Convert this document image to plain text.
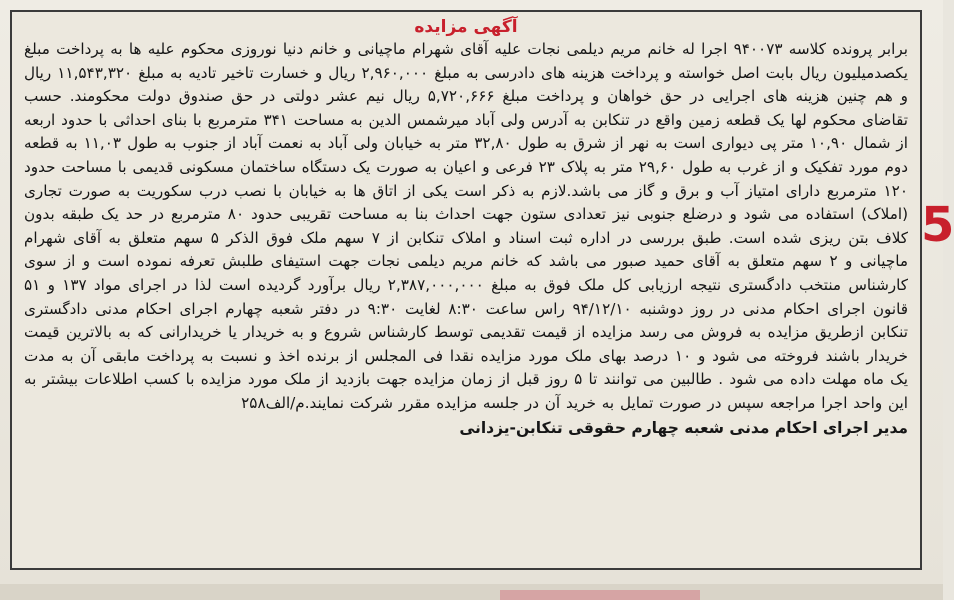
آگهی مزایده

برابر پرونده کلاسه ۹۴۰۰۷۳ اجرا له خانم مریم دیلمی نجات علیه آقای شهرام ماچیانی و خانم دنیا نوروزی محکوم علیه ها به پرداخت مبلغ یکصدمیلیون ریال بابت اصل خواسته و پرداخت هزینه های دادرسی به مبلغ ۲,۹۶۰,۰۰۰ ریال و خسارت تاخیر تادیه به مبلغ ۱۱,۵۴۳,۳۲۰ ریال و هم چنین هزینه های اجرایی در حق خواهان و پرداخت مبلغ ۵,۷۲۰,۶۶۶ ریال نیم عشر دولتی در حق صندوق دولت محکومند. حسب تقاضای محکوم لها یک قطعه زمین واقع در تنکابن به آدرس ولی آباد میرشمس الدین به مساحت ۳۴۱ مترمربع با بنای احداثی با حدود اربعه از شمال ۱۰,۹۰ متر پی دیواری است به نهر از شرق به طول ۳۲,۸۰ متر به خیابان ولی آباد به نعمت آباد از جنوب به طول ۱۱,۰۳ به قطعه دوم مورد تفکیک و از غرب به طول ۲۹,۶۰ متر به پلاک ۲۳ فرعی و اعیان به صورت یک دستگاه ساختمان مسکونی قدیمی با مساحت حدود ۱۲۰ مترمربع دارای امتیاز آب و برق و گاز می باشد.لازم به ذکر است یکی از اتاق ها به خیابان با نصب درب سکوریت به صورت تجاری (املاک) استفاده می شود و درضلع جنوبی نیز تعدادی ستون جهت احداث بنا به مساحت تقریبی حدود ۸۰ مترمربع در حد یک طبقه بدون کلاف بتن ریزی شده است. طبق بررسی در اداره ثبت اسناد و املاک تنکابن از ۷ سهم ملک فوق الذکر ۵ سهم متعلق به آقای شهرام ماچیانی و ۲ سهم متعلق به آقای حمید صبور می باشد که خانم مریم دیلمی نجات جهت استیفای طلبش تعرفه نموده است و از سوی کارشناس منتخب دادگستری نتیجه ارزیابی کل ملک فوق به مبلغ ۲,۳۸۷,۰۰۰,۰۰۰ ریال برآورد گردیده است لذا در اجرای مواد ۱۳۷ و ۵۱ قانون اجرای احکام مدنی در روز دوشنبه ۹۴/۱۲/۱۰ راس ساعت ۸:۳۰ لغایت ۹:۳۰ در دفتر شعبه چهارم اجرای احکام مدنی دادگستری تنکابن ازطریق مزایده به فروش می رسد مزایده از قیمت تقدیمی توسط کارشناس شروع و به خریدار یا خریدارانی که به بالاترین قیمت خریدار باشند فروخته می شود و ۱۰ درصد بهای ملک مورد مزایده نقدا فی المجلس از برنده اخذ و نسبت به پرداخت مابقی آن به مدت یک ماه مهلت داده می شود . طالبین می توانند تا ۵ روز قبل از زمان مزایده جهت بازدید از ملک مورد مزایده با کسب اطلاعات بیشتر به این واحد اجرا مراجعه سپس در صورت تمایل به خرید آن در جلسه مزایده مقرر شرکت نمایند.م/الف۲۵۸

مدیر اجرای احکام مدنی شعبه چهارم حقوقی تنکابن-یزدانی

5
